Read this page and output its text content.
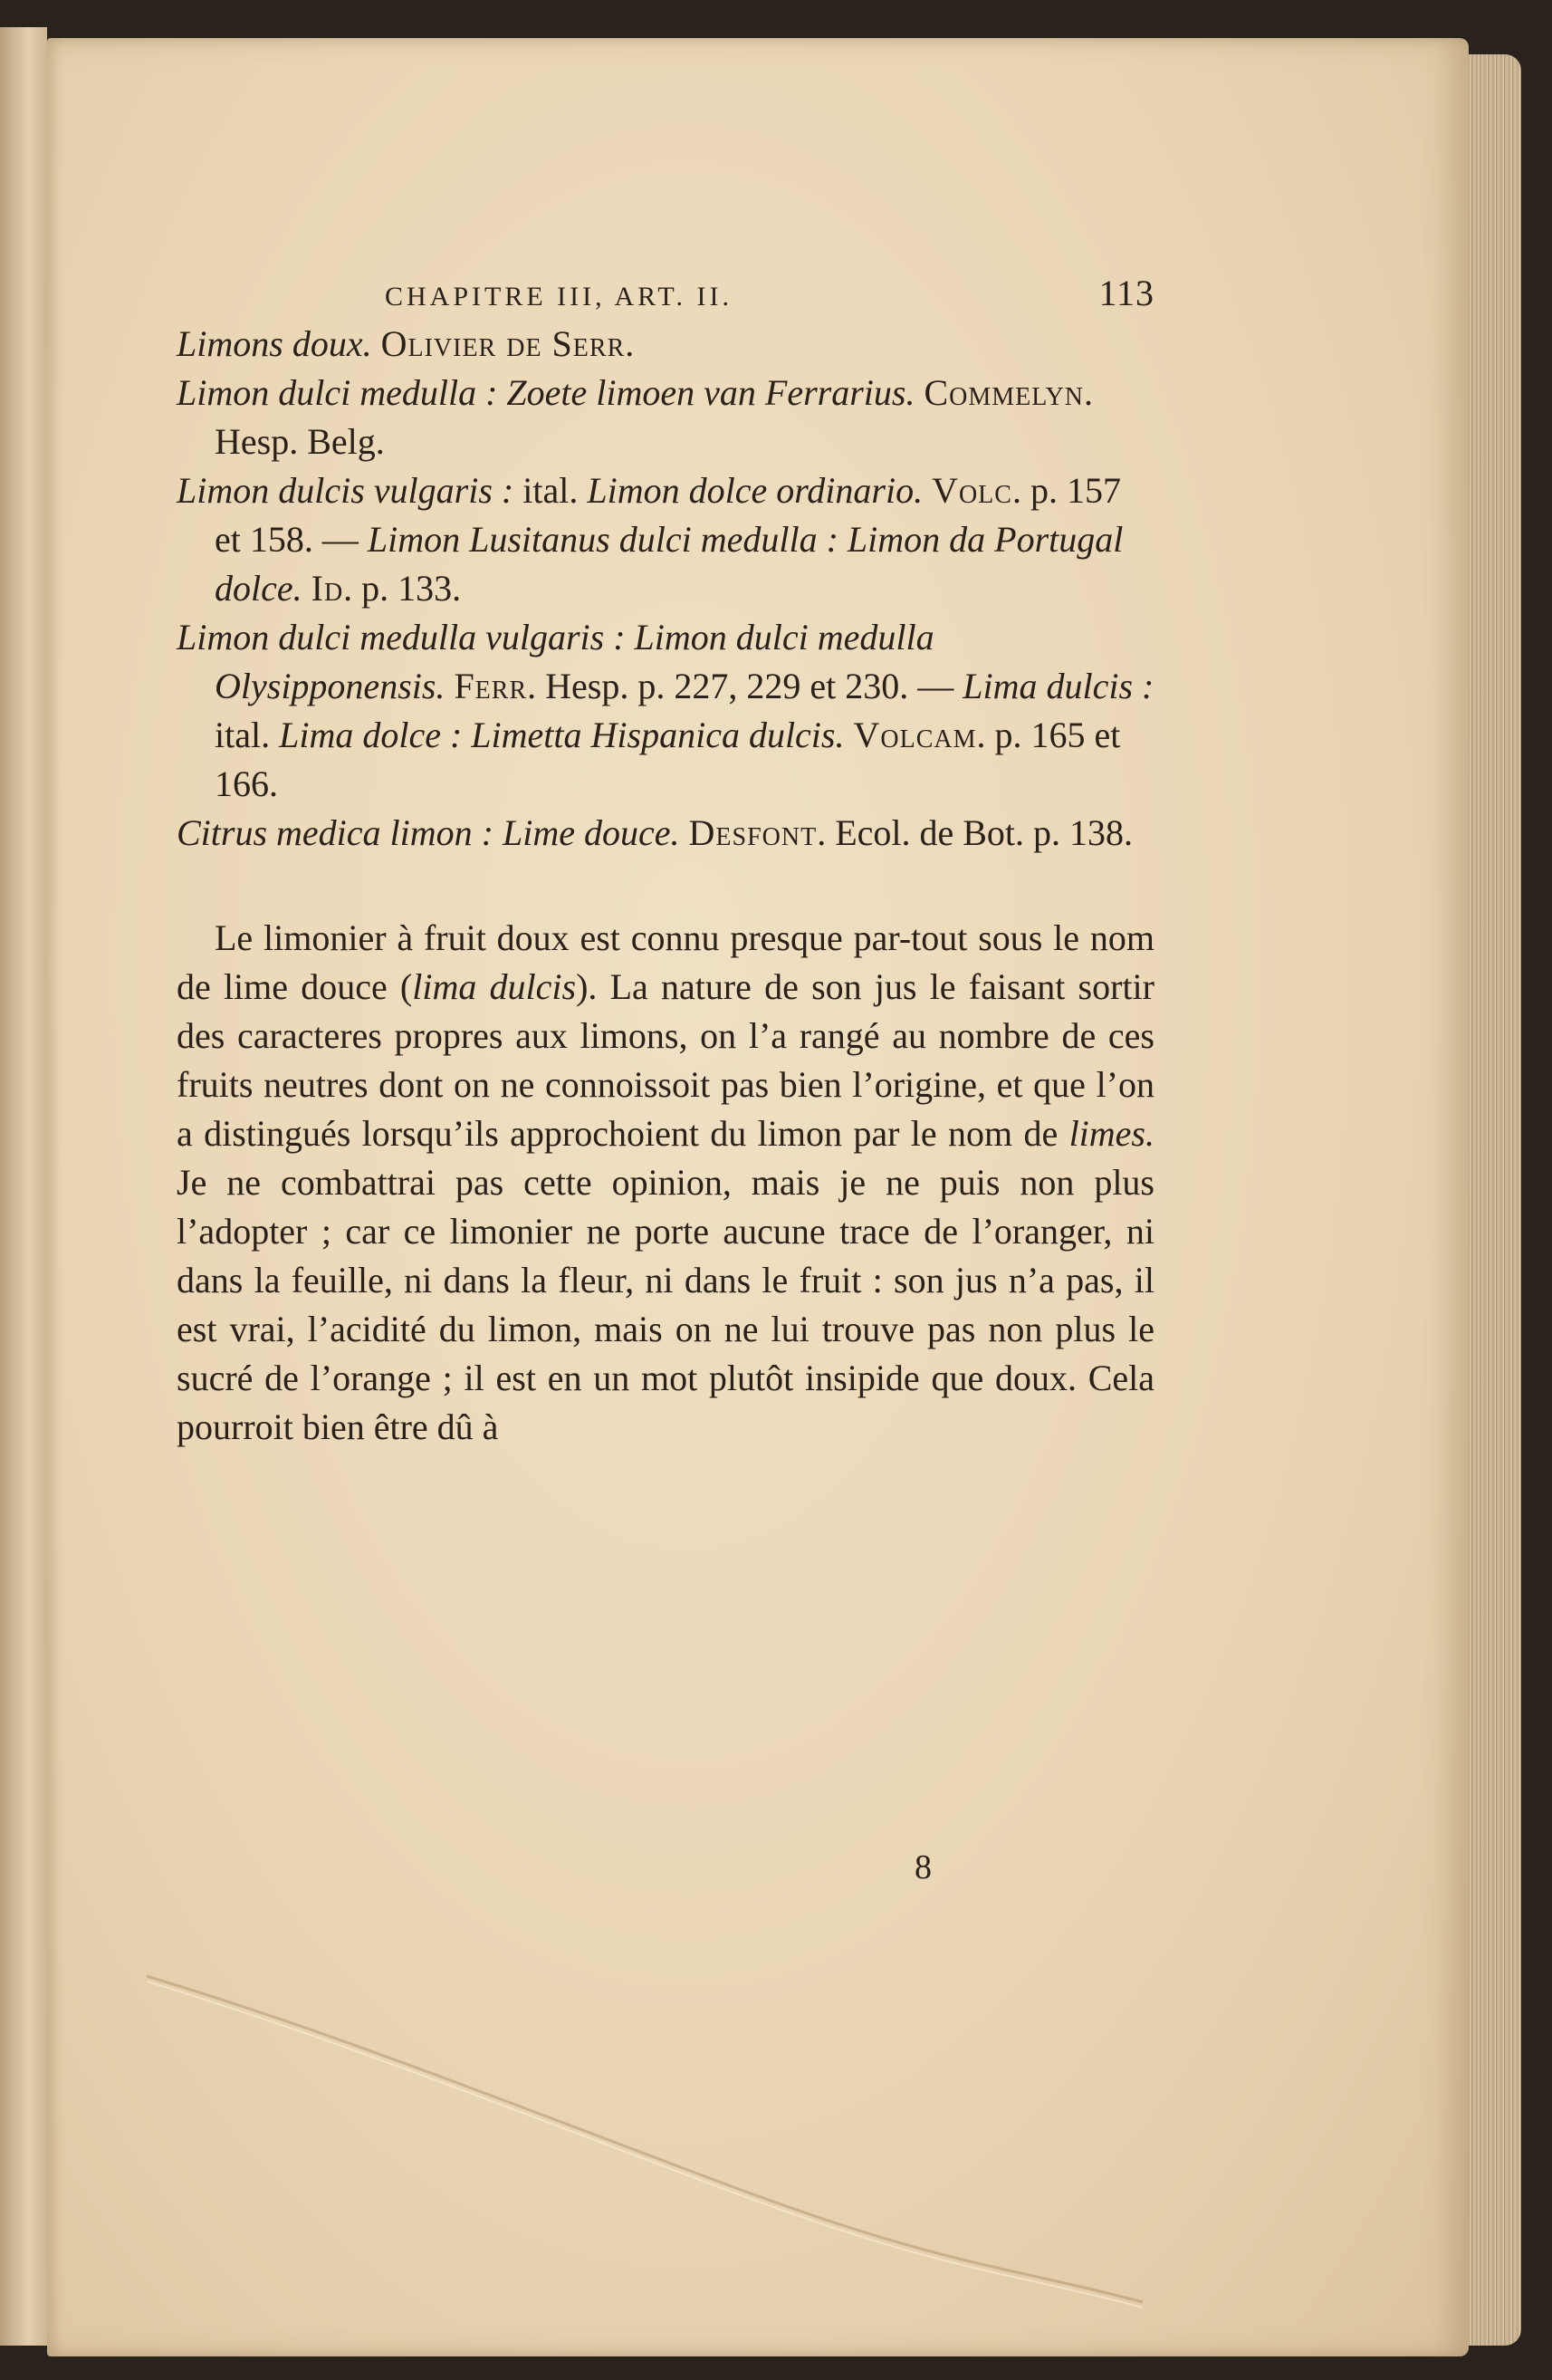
CHAPITRE III, ART. II.	113
Limons doux. Olivier de Serr.
Limon dulci medulla : Zoete limoen van Ferrarius. Commelyn. Hesp. Belg.
Limon dulcis vulgaris : ital. Limon dolce ordinario. Volc. p. 157 et 158. — Limon Lusitanus dulci medulla : Limon da Portugal dolce. Id. p. 133.
Limon dulci medulla vulgaris : Limon dulci medulla Olysipponensis. Ferr. Hesp. p. 227, 229 et 230. — Lima dulcis : ital. Lima dolce : Limetta Hispanica dulcis. Volcam. p. 165 et 166.
Citrus medica limon : Lime douce. Desfont. Ecol. de Bot. p. 138.

Le limonier à fruit doux est connu presque par-tout sous le nom de lime douce (lima dulcis). La nature de son jus le faisant sortir des caracteres propres aux limons, on l’a rangé au nombre de ces fruits neutres dont on ne connoissoit pas bien l’origine, et que l’on a distingués lorsqu’ils approchoient du limon par le nom de limes. Je ne combattrai pas cette opinion, mais je ne puis non plus l’adopter ; car ce limonier ne porte aucune trace de l’oranger, ni dans la feuille, ni dans la fleur, ni dans le fruit : son jus n’a pas, il est vrai, l’acidité du limon, mais on ne lui trouve pas non plus le sucré de l’orange ; il est en un mot plutôt insipide que doux. Cela pourroit bien être dû à

8
